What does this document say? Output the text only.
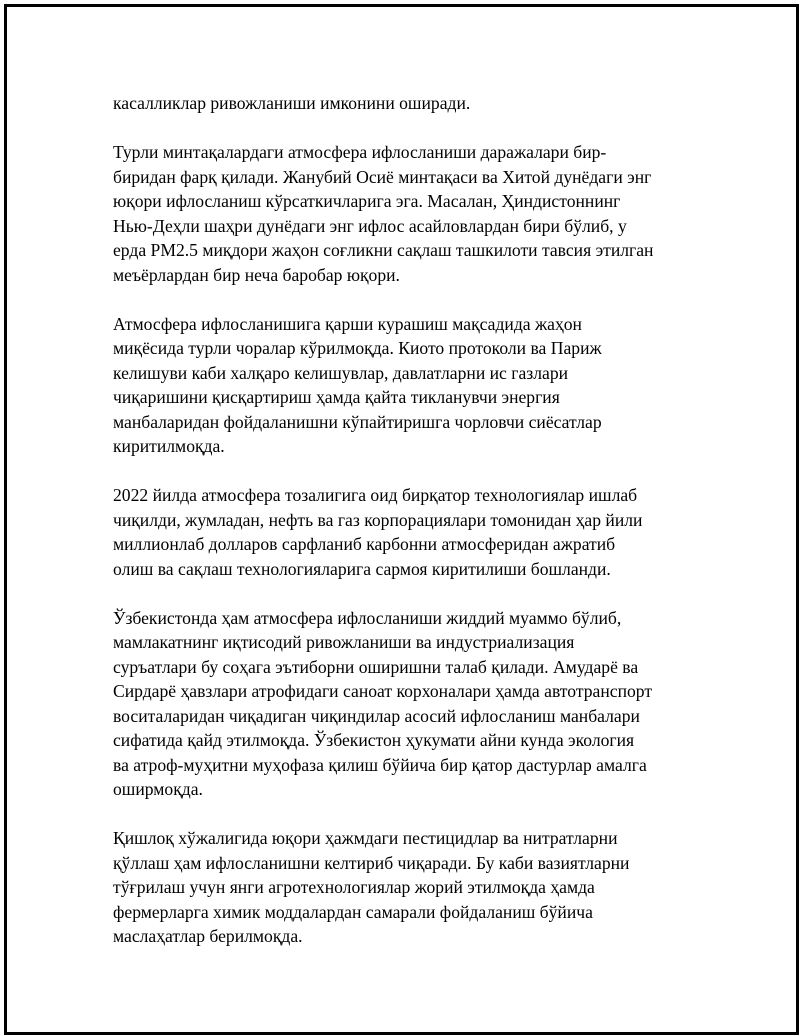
касалликлар ривожланиши имконини оширади.

Турли минтақалардаги атмосфера ифлосланиши даражалари бир-
биридан фарқ қилади. Жанубий Осиё минтақаси ва Хитой дунёдаги энг
юқори ифлосланиш кўрсаткичларига эга. Масалан, Ҳиндистоннинг
Нью-Деҳли шаҳри дунёдаги энг ифлос асайловлардан бири бўлиб, у
ерда PM2.5 миқдори жаҳон соғликни сақлаш ташкилоти тавсия этилган
меъёрлардан бир неча баробар юқори.

Атмосфера ифлосланишига қарши курашиш мақсадида жаҳон
миқёсида турли чоралар кўрилмоқда. Киото протоколи ва Париж
келишуви каби халқаро келишувлар, давлатларни ис газлари
чиқаришини қисқартириш ҳамда қайта тикланувчи энергия
манбаларидан фойдаланишни кўпайтиришга чорловчи сиёсатлар
киритилмоқда.

2022 йилда атмосфера тозалигига оид бирқатор технологиялар ишлаб
чиқилди, жумладан, нефть ва газ корпорациялари томонидан ҳар йили
миллионлаб долларов сарфланиб карбонни атмосферидан ажратиб
олиш ва сақлаш технологияларига сармоя киритилиши бошланди.

Ўзбекистонда ҳам атмосфера ифлосланиши жиддий муаммо бўлиб,
мамлакатнинг иқтисодий ривожланиши ва индустриализация
суръатлари бу соҳага эътиборни оширишни талаб қилади. Амударё ва
Сирдарё ҳавзлари атрофидаги саноат корхоналари ҳамда автотранспорт
воситаларидан чиқадиган чиқиндилар асосий ифлосланиш манбалари
сифатида қайд этилмоқда. Ўзбекистон ҳукумати айни кунда экология
ва атроф-муҳитни муҳофаза қилиш бўйича бир қатор дастурлар амалга
оширмоқда.

Қишлоқ хўжалигида юқори ҳажмдаги пестицидлар ва нитратларни
қўллаш ҳам ифлосланишни келтириб чиқаради. Бу каби вазиятларни
тўғрилаш учун янги агротехнологиялар жорий этилмоқда ҳамда
фермерларга химик моддалардан самарали фойдаланиш бўйича
маслаҳатлар берилмоқда.
